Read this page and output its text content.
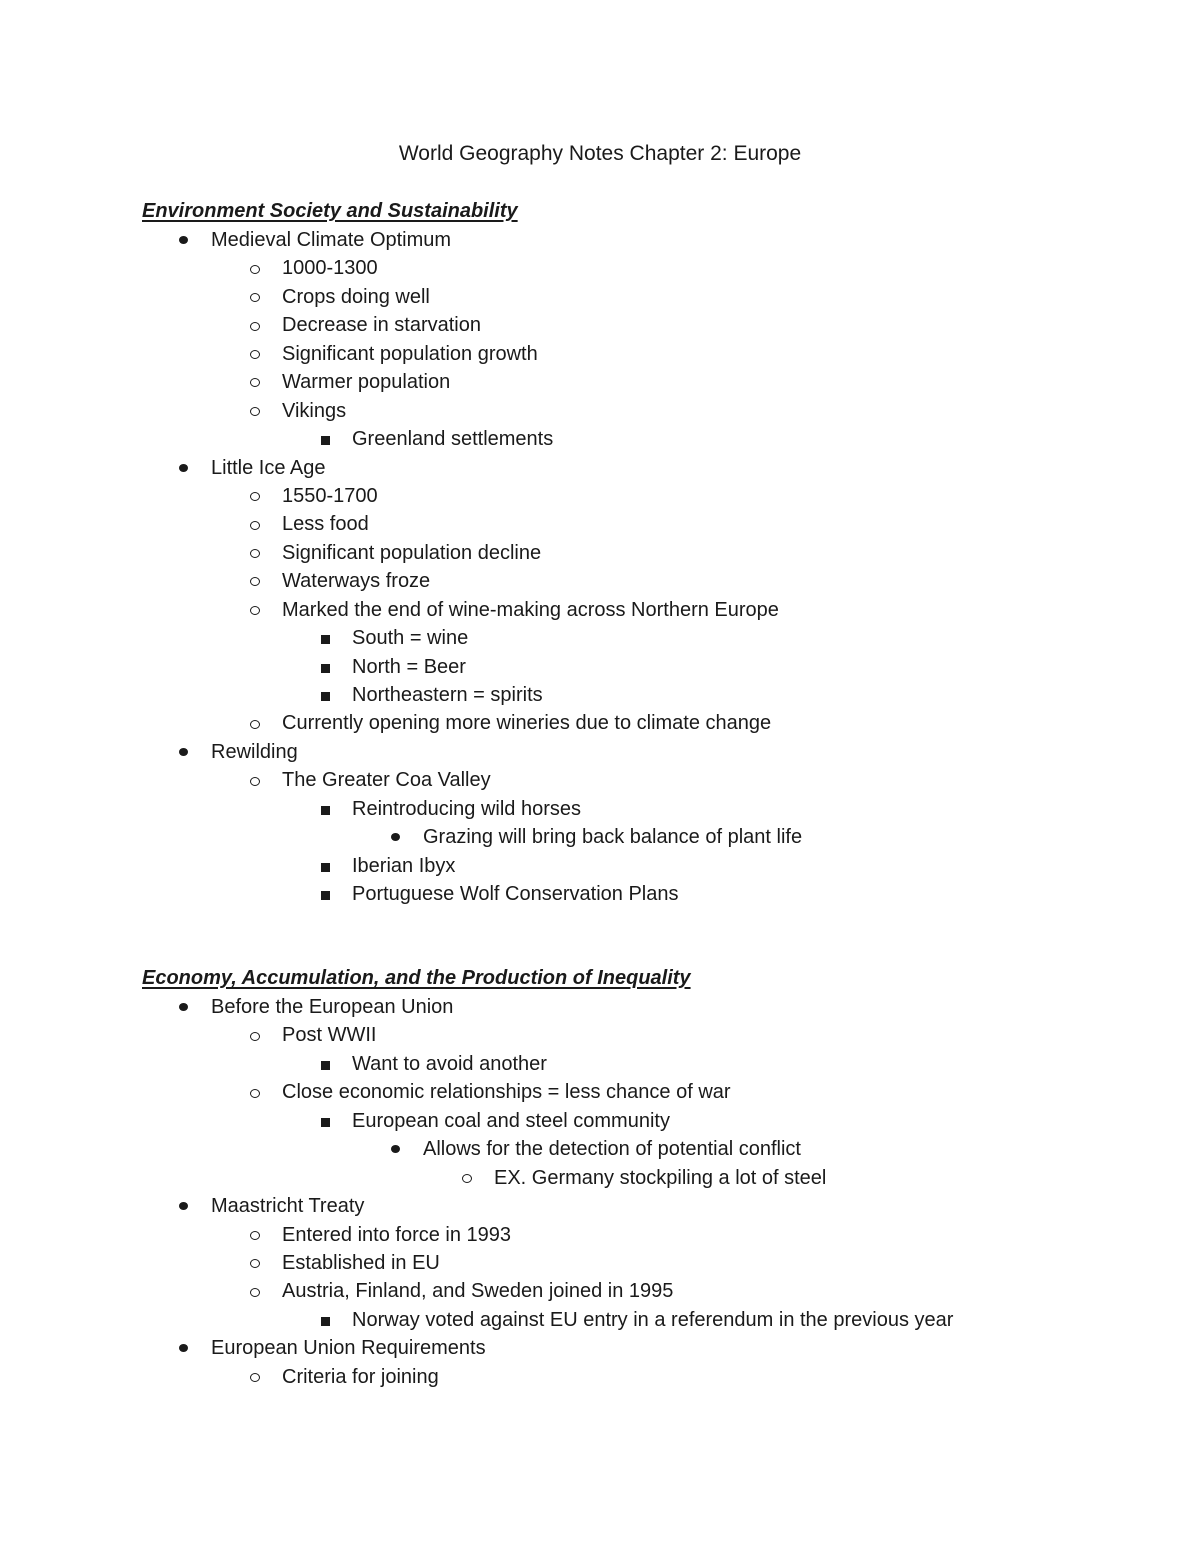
World Geography Notes Chapter 2: Europe
Environment Society and Sustainability
Medieval Climate Optimum
1000-1300
Crops doing well
Decrease in starvation
Significant population growth
Warmer population
Vikings
Greenland settlements
Little Ice Age
1550-1700
Less food
Significant population decline
Waterways froze
Marked the end of wine-making across Northern Europe
South = wine
North = Beer
Northeastern = spirits
Currently opening more wineries due to climate change
Rewilding
The Greater Coa Valley
Reintroducing wild horses
Grazing will bring back balance of plant life
Iberian Ibyx
Portuguese Wolf Conservation Plans
Economy, Accumulation, and the Production of Inequality
Before the European Union
Post WWII
Want to avoid another
Close economic relationships = less chance of war
European coal and steel community
Allows for the detection of potential conflict
EX. Germany stockpiling a lot of steel
Maastricht Treaty
Entered into force in 1993
Established in EU
Austria, Finland, and Sweden joined in 1995
Norway voted against EU entry in a referendum in the previous year
European Union Requirements
Criteria for joining
